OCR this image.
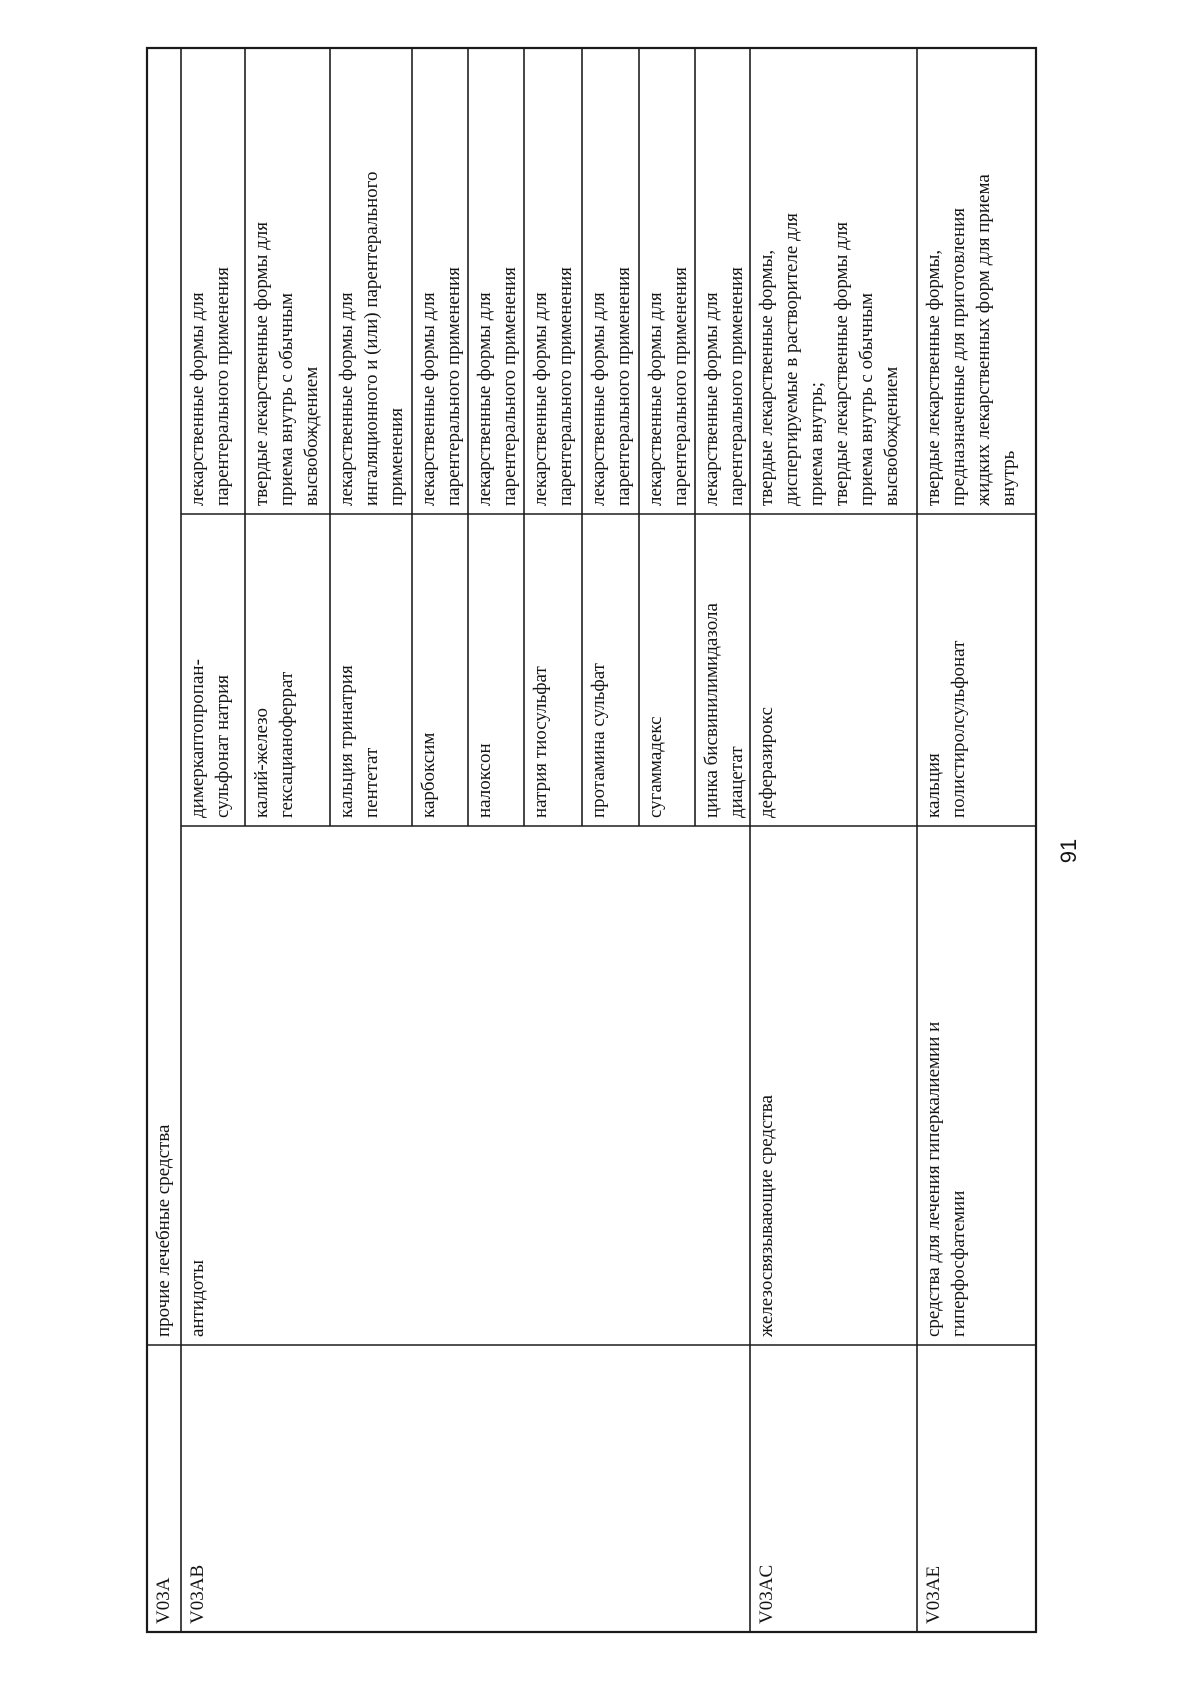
V03A
прочие лечебные средства
V03AB
антидоты
димеркаптопропан- сульфонат натрия
лекарственные формы для парентерального применения
калий-железо гексацианоферрат
твердые лекарственные формы для приема внутрь с обычным высвобождением
кальция тринатрия пентетат
лекарственные формы для ингаляционного и (или) парентерального применения
карбоксим
лекарственные формы для парентерального применения
налоксон
лекарственные формы для парентерального применения
натрия тиосульфат
лекарственные формы для парентерального применения
протамина сульфат
лекарственные формы для парентерального применения
сугаммадекс
лекарственные формы для парентерального применения
цинка бисвинилимидазола диацетат
лекарственные формы для парентерального применения
V03AC
железосвязывающие средства
деферазирокс
твердые лекарственные формы, диспергируемые в растворителе для приема внутрь; твердые лекарственные формы для приема внутрь с обычным высвобождением
V03AE
средства для лечения гиперкалиемии и гиперфосфатемии
кальция полистиролсульфонат
твердые лекарственные формы, предназначенные для приготовления жидких лекарственных форм для приема внутрь
91
